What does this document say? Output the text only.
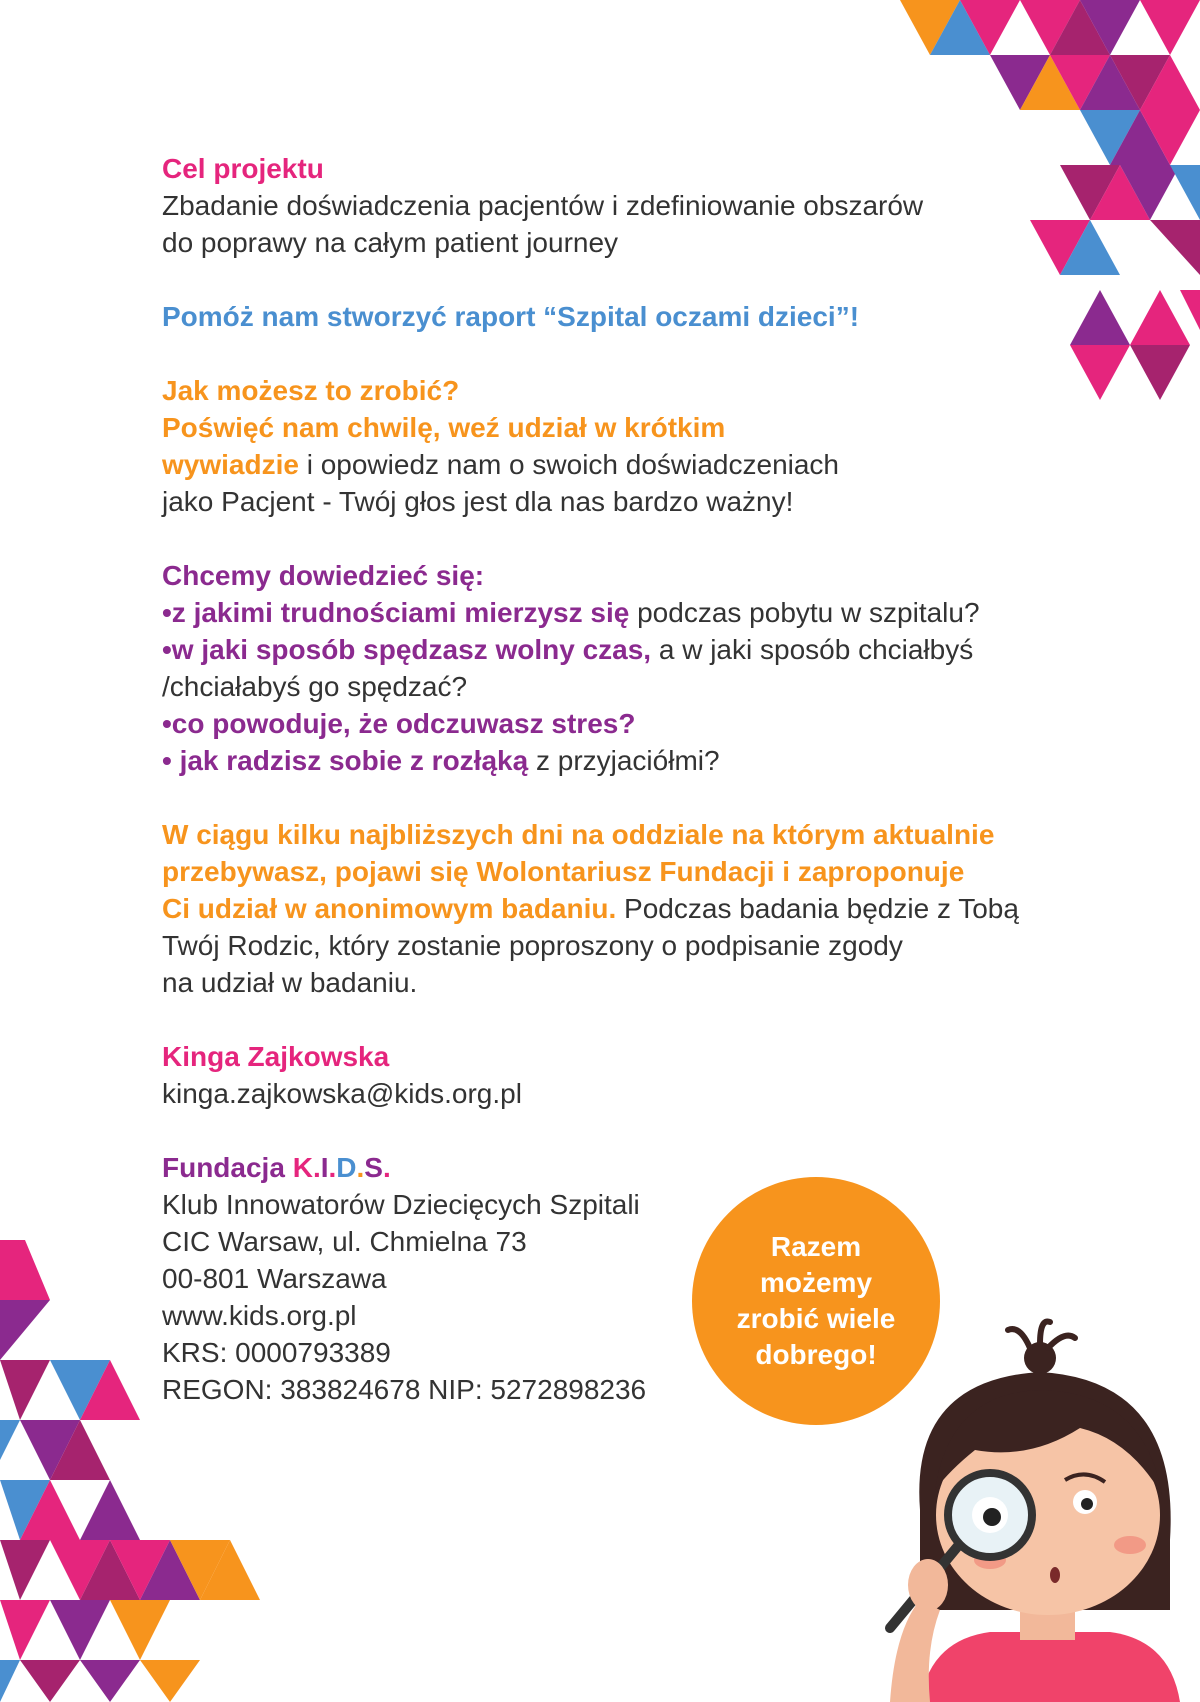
Cel projektu

Zbadanie doświadczenia pacjentów i zdefiniowanie obszarów

do poprawy na całym patient journey

Pomóż nam stworzyć raport “Szpital oczami dzieci”!

Jak możesz to zrobić?

Poświęć nam chwilę, weź udział w krótkim

wywiadzie i opowiedz nam o swoich doświadczeniach

jako Pacjent - Twój głos jest dla nas bardzo ważny!

Chcemy dowiedzieć się:

•z jakimi trudnościami mierzysz się podczas pobytu w szpitalu?

•w jaki sposób spędzasz wolny czas, a w jaki sposób chciałbyś

/chciałabyś go spędzać?

•co powoduje, że odczuwasz stres?

• jak radzisz sobie z rozłąką z przyjaciółmi?

W ciągu kilku najbliższych dni na oddziale na którym aktualnie

przebywasz, pojawi się Wolontariusz Fundacji i zaproponuje

Ci udział w anonimowym badaniu. Podczas badania będzie z Tobą

Twój Rodzic, który zostanie poproszony o podpisanie zgody

na udział w badaniu.

Kinga Zajkowska

kinga.zajkowska@kids.org.pl

Fundacja K.I.D.S.

Klub Innowatorów Dziecięcych Szpitali

CIC Warsaw, ul. Chmielna 73

00-801 Warszawa

www.kids.org.pl

KRS: 0000793389

REGON: 383824678 NIP: 5272898236

Razem możemy zrobić wiele dobrego!
